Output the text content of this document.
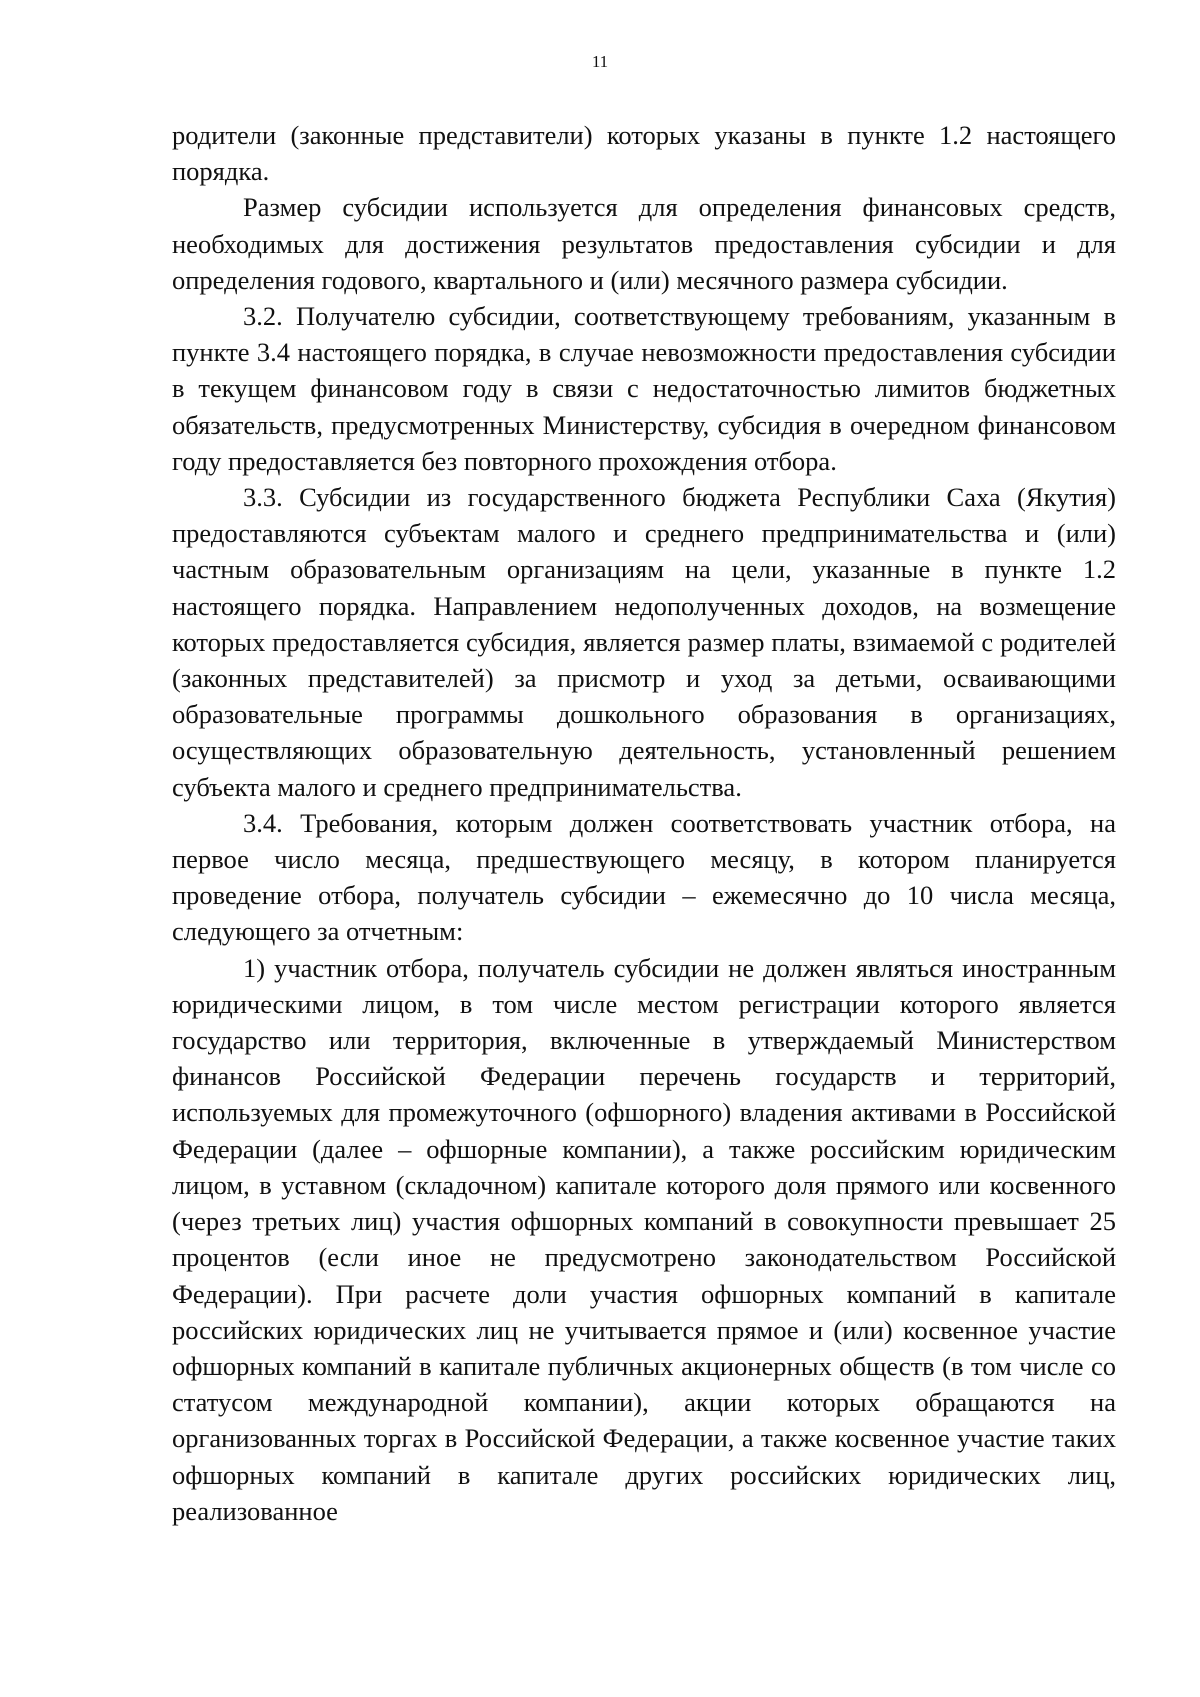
11

родители (законные представители) которых указаны в пункте 1.2 настоящего порядка.

Размер субсидии используется для определения финансовых средств, необходимых для достижения результатов предоставления субсидии и для определения годового, квартального и (или) месячного размера субсидии.

3.2. Получателю субсидии, соответствующему требованиям, указанным в пункте 3.4 настоящего порядка, в случае невозможности предоставления субсидии в текущем финансовом году в связи с недостаточностью лимитов бюджетных обязательств, предусмотренных Министерству, субсидия в очередном финансовом году предоставляется без повторного прохождения отбора.

3.3. Субсидии из государственного бюджета Республики Саха (Якутия) предоставляются субъектам малого и среднего предпринимательства и (или) частным образовательным организациям на цели, указанные в пункте 1.2 настоящего порядка. Направлением недополученных доходов, на возмещение которых предоставляется субсидия, является размер платы, взимаемой с родителей (законных представителей) за присмотр и уход за детьми, осваивающими образовательные программы дошкольного образования в организациях, осуществляющих образовательную деятельность, установленный решением субъекта малого и среднего предпринимательства.

3.4. Требования, которым должен соответствовать участник отбора, на первое число месяца, предшествующего месяцу, в котором планируется проведение отбора, получатель субсидии – ежемесячно до 10 числа месяца, следующего за отчетным:

1) участник отбора, получатель субсидии не должен являться иностранным юридическими лицом, в том числе местом регистрации которого является государство или территория, включенные в утверждаемый Министерством финансов Российской Федерации перечень государств и территорий, используемых для промежуточного (офшорного) владения активами в Российской Федерации (далее – офшорные компании), а также российским юридическим лицом, в уставном (складочном) капитале которого доля прямого или косвенного (через третьих лиц) участия офшорных компаний в совокупности превышает 25 процентов (если иное не предусмотрено законодательством Российской Федерации). При расчете доли участия офшорных компаний в капитале российских юридических лиц не учитывается прямое и (или) косвенное участие офшорных компаний в капитале публичных акционерных обществ (в том числе со статусом международной компании), акции которых обращаются на организованных торгах в Российской Федерации, а также косвенное участие таких офшорных компаний в капитале других российских юридических лиц, реализованное
